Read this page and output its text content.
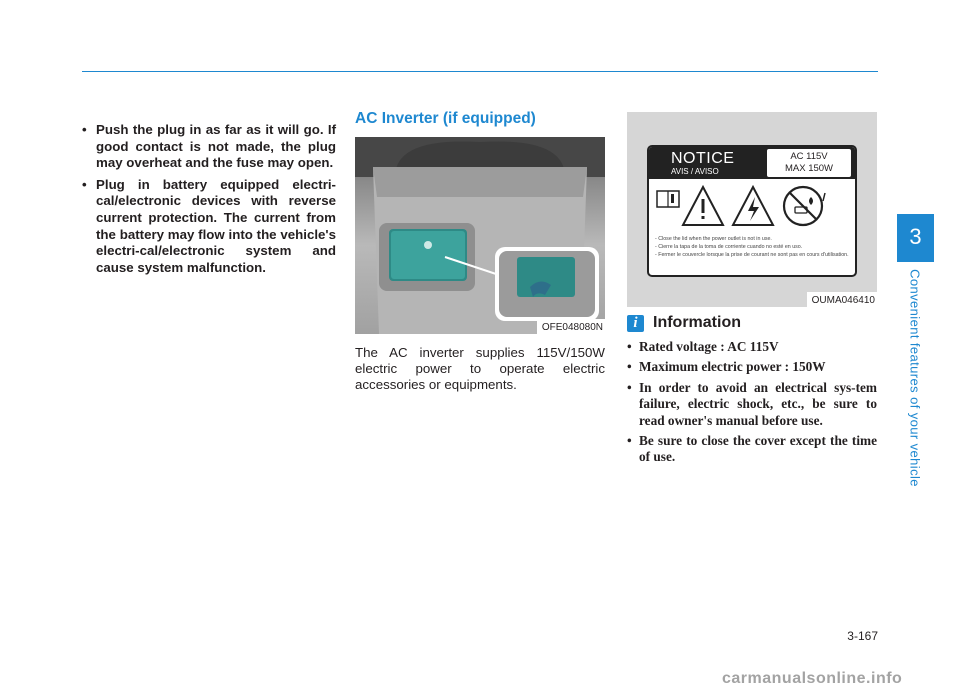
• Push the plug in as far as it will go. If good contact is not made, the plug may overheat and the fuse may open.
• Plug in battery equipped electri-cal/electronic devices with reverse current protection. The current from the battery may flow into the vehicle's electri-cal/electronic system and cause system malfunction.
AC Inverter (if equipped)
OFE048080N

The AC inverter supplies 115V/150W electric power to operate electric accessories or equipments.

NOTICE
AVIS / AVISO
AC 115V
MAX 150W
- Close the lid when the power outlet is not in use.
- Cierre la tapa de la toma de corriente cuando no esté en uso.
- Fermer le couvercle lorsque la prise de courant ne sont pas en cours d'utilisation.
OUMA046410
i Information
• Rated voltage : AC 115V
• Maximum electric power : 150W
• In order to avoid an electrical sys-tem failure, electric shock, etc., be sure to read owner's manual before use.
• Be sure to close the cover except the time of use.
3
Convenient features of your vehicle
3-167
carmanualsonline.info
